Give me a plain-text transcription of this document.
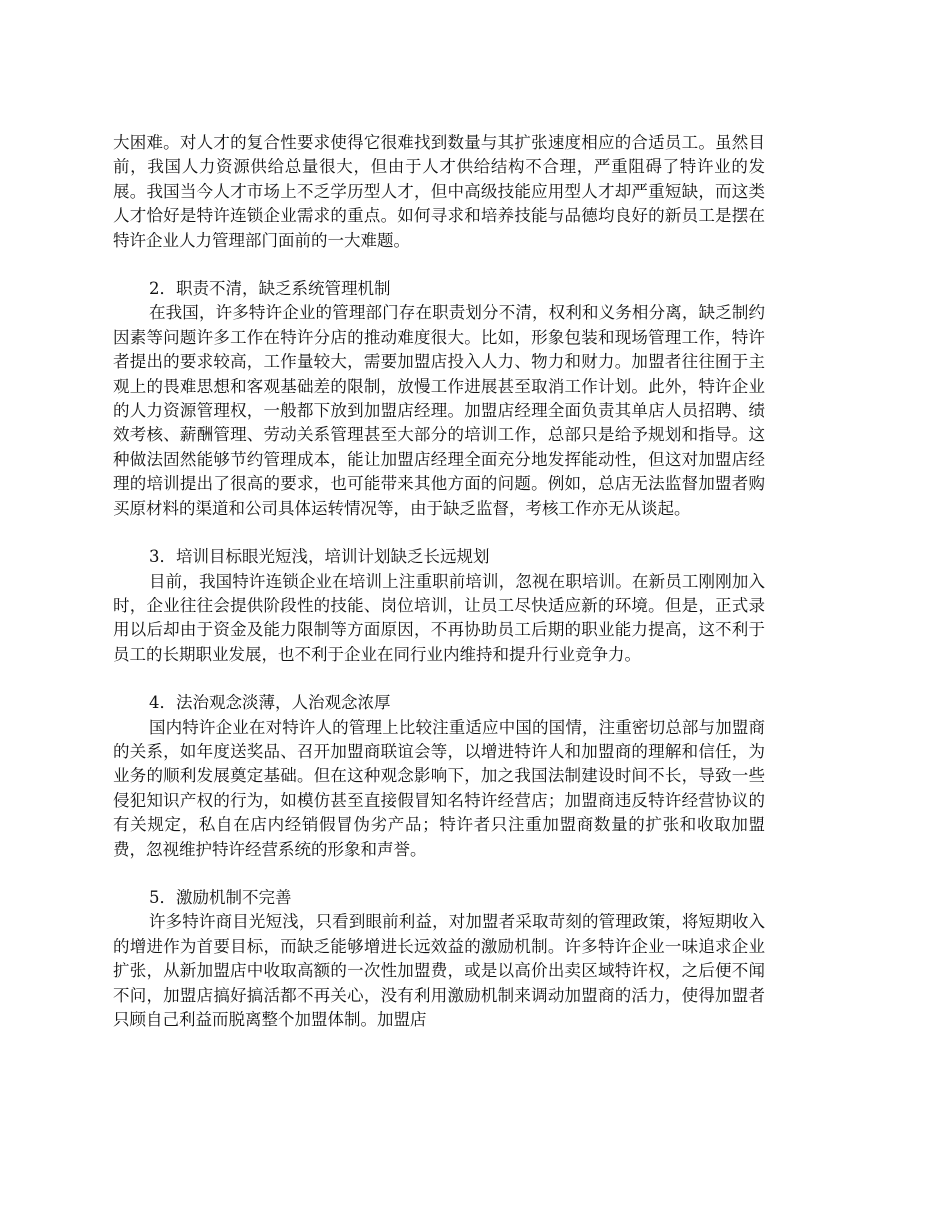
大困难。对人才的复合性要求使得它很难找到数量与其扩张速度相应的合适员工。虽然目前，我国人力资源供给总量很大，但由于人才供给结构不合理，严重阻碍了特许业的发展。我国当今人才市场上不乏学历型人才，但中高级技能应用型人才却严重短缺，而这类人才恰好是特许连锁企业需求的重点。如何寻求和培养技能与品德均良好的新员工是摆在特许企业人力管理部门面前的一大难题。

2．职责不清，缺乏系统管理机制

在我国，许多特许企业的管理部门存在职责划分不清，权利和义务相分离，缺乏制约因素等问题许多工作在特许分店的推动难度很大。比如，形象包装和现场管理工作，特许者提出的要求较高，工作量较大，需要加盟店投入人力、物力和财力。加盟者往往囿于主观上的畏难思想和客观基础差的限制，放慢工作进展甚至取消工作计划。此外，特许企业的人力资源管理权，一般都下放到加盟店经理。加盟店经理全面负责其单店人员招聘、绩效考核、薪酬管理、劳动关系管理甚至大部分的培训工作，总部只是给予规划和指导。这种做法固然能够节约管理成本，能让加盟店经理全面充分地发挥能动性，但这对加盟店经理的培训提出了很高的要求，也可能带来其他方面的问题。例如，总店无法监督加盟者购买原材料的渠道和公司具体运转情况等，由于缺乏监督，考核工作亦无从谈起。

3．培训目标眼光短浅，培训计划缺乏长远规划

目前，我国特许连锁企业在培训上注重职前培训，忽视在职培训。在新员工刚刚加入时，企业往往会提供阶段性的技能、岗位培训，让员工尽快适应新的环境。但是，正式录用以后却由于资金及能力限制等方面原因，不再协助员工后期的职业能力提高，这不利于员工的长期职业发展，也不利于企业在同行业内维持和提升行业竞争力。

4．法治观念淡薄，人治观念浓厚

国内特许企业在对特许人的管理上比较注重适应中国的国情，注重密切总部与加盟商的关系，如年度送奖品、召开加盟商联谊会等，以增进特许人和加盟商的理解和信任，为业务的顺利发展奠定基础。但在这种观念影响下，加之我国法制建设时间不长，导致一些侵犯知识产权的行为，如模仿甚至直接假冒知名特许经营店；加盟商违反特许经营协议的有关规定，私自在店内经销假冒伪劣产品；特许者只注重加盟商数量的扩张和收取加盟费，忽视维护特许经营系统的形象和声誉。

5．激励机制不完善

许多特许商目光短浅，只看到眼前利益，对加盟者采取苛刻的管理政策，将短期收入的增进作为首要目标，而缺乏能够增进长远效益的激励机制。许多特许企业一味追求企业扩张，从新加盟店中收取高额的一次性加盟费，或是以高价出卖区域特许权，之后便不闻不问，加盟店搞好搞活都不再关心，没有利用激励机制来调动加盟商的活力，使得加盟者只顾自己利益而脱离整个加盟体制。加盟店
